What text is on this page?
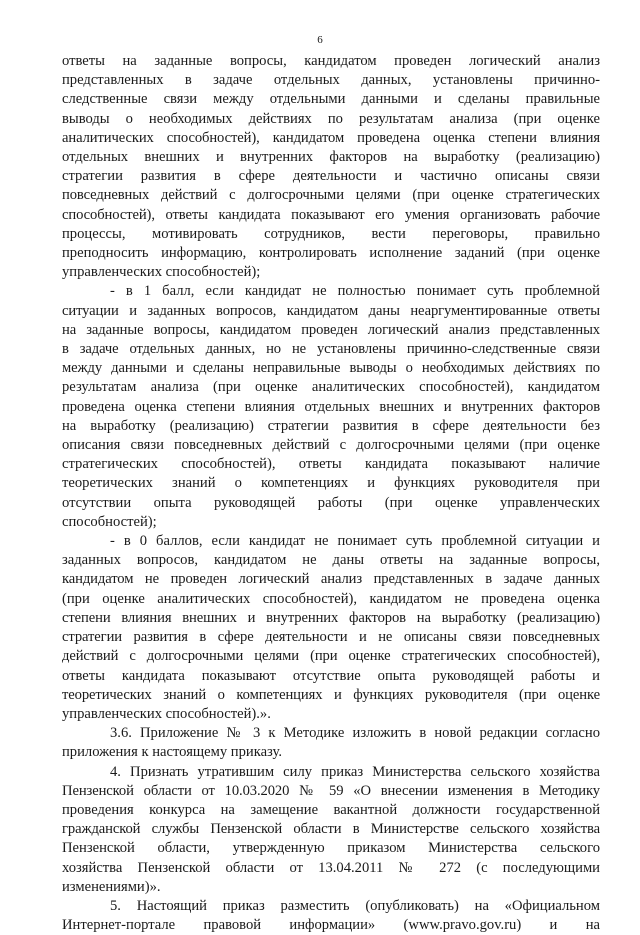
6

ответы на заданные вопросы, кандидатом проведен логический анализ

представленных в задаче отдельных данных, установлены причинно-

следственные связи между отдельными данными и сделаны правильные

выводы о необходимых действиях по результатам анализа (при оценке

аналитических способностей), кандидатом проведена оценка степени влияния

отдельных внешних и внутренних факторов на выработку (реализацию)

стратегии развития в сфере деятельности и частично описаны связи

повседневных действий с долгосрочными целями (при оценке стратегических

способностей), ответы кандидата показывают его умения организовать рабочие

процессы, мотивировать сотрудников, вести переговоры, правильно

преподносить информацию, контролировать исполнение заданий (при оценке

управленческих способностей);

- в 1 балл, если кандидат не полностью понимает суть проблемной

ситуации и заданных вопросов, кандидатом даны неаргументированные ответы

на заданные вопросы, кандидатом проведен логический анализ представленных

в задаче отдельных данных, но не установлены причинно-следственные связи

между данными и сделаны неправильные выводы о необходимых действиях по

результатам анализа (при оценке аналитических способностей), кандидатом

проведена оценка степени влияния отдельных внешних и внутренних факторов

на выработку (реализацию) стратегии развития в сфере деятельности без

описания связи повседневных действий с долгосрочными целями (при оценке

стратегических способностей), ответы кандидата показывают наличие

теоретических знаний о компетенциях и функциях руководителя при

отсутствии опыта руководящей работы (при оценке управленческих

способностей);

- в 0 баллов, если кандидат не понимает суть проблемной ситуации и

заданных вопросов, кандидатом не даны ответы на заданные вопросы,

кандидатом не проведен логический анализ представленных в задаче данных

(при оценке аналитических способностей), кандидатом не проведена оценка

степени влияния внешних и внутренних факторов на выработку (реализацию)

стратегии развития в сфере деятельности и не описаны связи повседневных

действий с долгосрочными целями (при оценке стратегических способностей),

ответы кандидата показывают отсутствие опыта руководящей работы и

теоретических знаний о компетенциях и функциях руководителя (при оценке

управленческих способностей).».

3.6. Приложение № 3 к Методике изложить в новой редакции согласно

приложения к настоящему приказу.

4. Признать утратившим силу приказ Министерства сельского хозяйства

Пензенской области от 10.03.2020 № 59 «О внесении изменения в Методику

проведения конкурса на замещение вакантной должности государственной

гражданской службы Пензенской области в Министерстве сельского хозяйства

Пензенской области, утвержденную приказом Министерства сельского

хозяйства Пензенской области от 13.04.2011 № 272 (с последующими

изменениями)».

5. Настоящий приказ разместить (опубликовать) на «Официальном

Интернет-портале правовой информации» (www.pravo.gov.ru) и на
